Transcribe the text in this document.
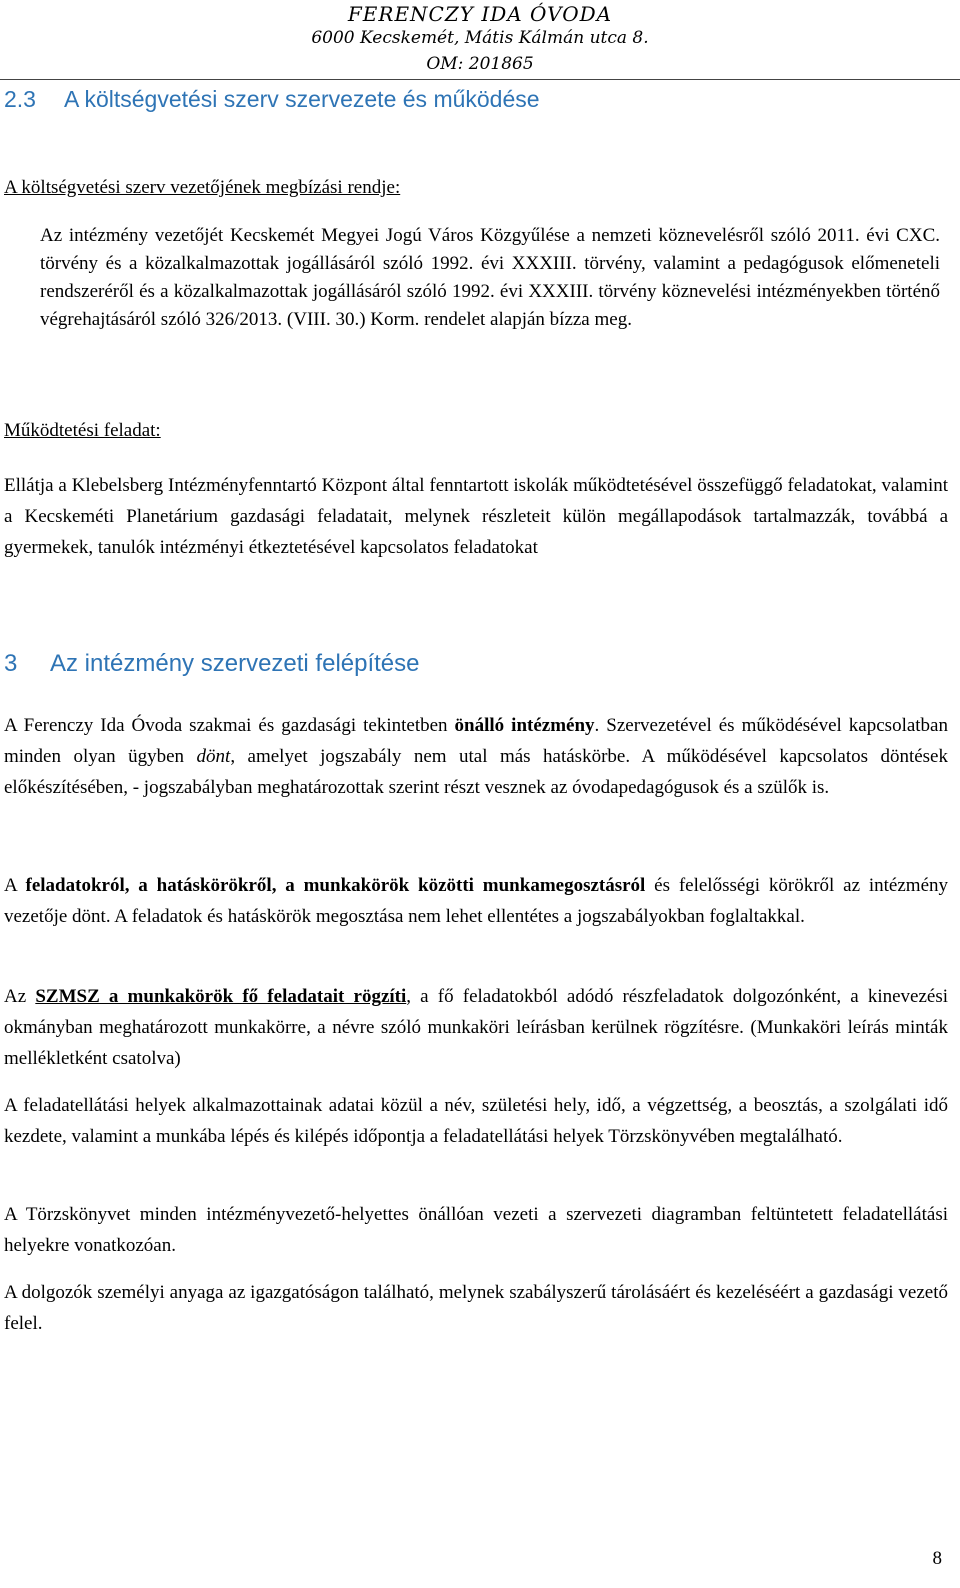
FERENCZY IDA ÓVODA
6000 Kecskemét, Mátis Kálmán utca 8.
OM: 201865
2.3 A költségvetési szerv szervezete és működése

A költségvetési szerv vezetőjének megbízási rendje:

Az intézmény vezetőjét Kecskemét Megyei Jogú Város Közgyűlése a nemzeti köznevelésről szóló 2011. évi CXC. törvény és a közalkalmazottak jogállásáról szóló 1992. évi XXXIII. törvény, valamint a pedagógusok előmeneteli rendszeréről és a közalkalmazottak jogállásáról szóló 1992. évi XXXIII. törvény köznevelési intézményekben történő végrehajtásáról szóló 326/2013. (VIII. 30.) Korm. rendelet alapján bízza meg.

Működtetési feladat:

Ellátja a Klebelsberg Intézményfenntartó Központ által fenntartott iskolák működtetésével összefüggő feladatokat, valamint a Kecskeméti Planetárium gazdasági feladatait, melynek részleteit külön megállapodások tartalmazzák, továbbá a gyermekek, tanulók intézményi étkeztetésével kapcsolatos feladatokat

3 Az intézmény szervezeti felépítése

A Ferenczy Ida Óvoda szakmai és gazdasági tekintetben önálló intézmény. Szervezetével és működésével kapcsolatban minden olyan ügyben dönt, amelyet jogszabály nem utal más hatáskörbe. A működésével kapcsolatos döntések előkészítésében, - jogszabályban meghatározottak szerint részt vesznek az óvodapedagógusok és a szülők is.

A feladatokról, a hatáskörökről, a munkakörök közötti munkamegosztásról és felelősségi körökről az intézmény vezetője dönt. A feladatok és hatáskörök megosztása nem lehet ellentétes a jogszabályokban foglaltakkal.

Az SZMSZ a munkakörök fő feladatait rögzíti, a fő feladatokból adódó részfeladatok dolgozónként, a kinevezési okmányban meghatározott munkakörre, a névre szóló munkaköri leírásban kerülnek rögzítésre. (Munkaköri leírás minták mellékletként csatolva)

A feladatellátási helyek alkalmazottainak adatai közül a név, születési hely, idő, a végzettség, a beosztás, a szolgálati idő kezdete, valamint a munkába lépés és kilépés időpontja a feladatellátási helyek Törzskönyvében megtalálható.

A Törzskönyvet minden intézményvezető-helyettes önállóan vezeti a szervezeti diagramban feltüntetett feladatellátási helyekre vonatkozóan.

A dolgozók személyi anyaga az igazgatóságon található, melynek szabályszerű tárolásáért és kezeléséért a gazdasági vezető felel.

8
